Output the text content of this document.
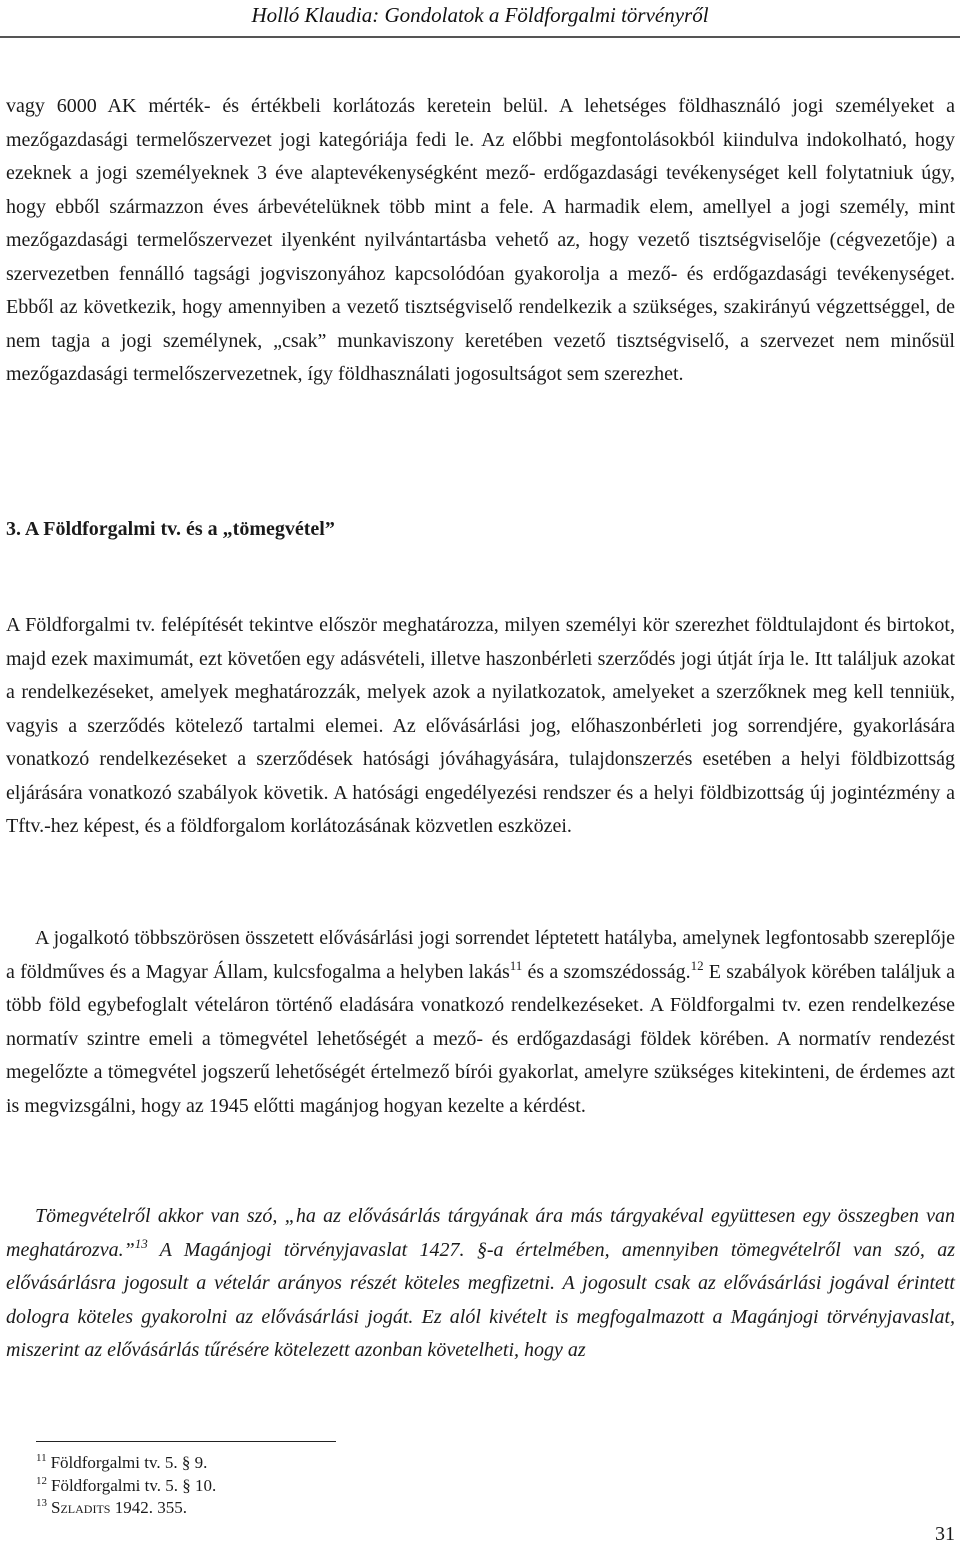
Holló Klaudia: Gondolatok a Földforgalmi törvényről

vagy 6000 AK mérték- és értékbeli korlátozás keretein belül. A lehetséges földhasználó jogi személyeket a mezőgazdasági termelőszervezet jogi kategóriája fedi le. Az előbbi megfontolásokból kiindulva indokolható, hogy ezeknek a jogi személyeknek 3 éve alaptevékenységként mező- erdőgazdasági tevékenységet kell folytatniuk úgy, hogy ebből származzon éves árbevételüknek több mint a fele. A harmadik elem, amellyel a jogi személy, mint mezőgazdasági termelőszervezet ilyenként nyilvántartásba vehető az, hogy vezető tisztségviselője (cégvezetője) a szervezetben fennálló tagsági jogviszonyához kapcsolódóan gyakorolja a mező- és erdőgazdasági tevékenységet. Ebből az következik, hogy amennyiben a vezető tisztségviselő rendelkezik a szükséges, szakirányú végzettséggel, de nem tagja a jogi személynek, „csak” munkaviszony keretében vezető tisztségviselő, a szervezet nem minősül mezőgazdasági termelőszervezetnek, így földhasználati jogosultságot sem szerezhet.

3. A Földforgalmi tv. és a „tömegvétel”

A Földforgalmi tv. felépítését tekintve először meghatározza, milyen személyi kör szerezhet földtulajdont és birtokot, majd ezek maximumát, ezt követően egy adásvételi, illetve haszonbérleti szerződés jogi útját írja le. Itt találjuk azokat a rendelkezéseket, amelyek meghatározzák, melyek azok a nyilatkozatok, amelyeket a szerzőknek meg kell tenniük, vagyis a szerződés kötelező tartalmi elemei. Az elővásárlási jog, előhaszonbérleti jog sorrendjére, gyakorlására vonatkozó rendelkezéseket a szerződések hatósági jóváhagyására, tulajdonszerzés esetében a helyi földbizottság eljárására vonatkozó szabályok követik. A hatósági engedélyezési rendszer és a helyi földbizottság új jogintézmény a Tftv.-hez képest, és a földforgalom korlátozásának közvetlen eszközei.

A jogalkotó többszörösen összetett elővásárlási jogi sorrendet léptetett hatályba, amelynek legfontosabb szereplője a földműves és a Magyar Állam, kulcsfogalma a helyben lakás$^{11}$ és a szomszédosság.$^{12}$ E szabályok körében találjuk a több föld egybefoglalt vételáron történő eladására vonatkozó rendelkezéseket. A Földforgalmi tv. ezen rendelkezése normatív szintre emeli a tömegvétel lehetőségét a mező- és erdőgazdasági földek körében. A normatív rendezést megelőzte a tömegvétel jogszerű lehetőségét értelmező bírói gyakorlat, amelyre szükséges kitekinteni, de érdemes azt is megvizsgálni, hogy az 1945 előtti magánjog hogyan kezelte a kérdést.

Tömegvételről akkor van szó, „ha az elővásárlás tárgyának ára más tárgyakéval együttesen egy összegben van meghatározva.”$^{13}$ A Magánjogi törvényjavaslat 1427. §-a értelmében, amennyiben tömegvételről van szó, az elővásárlásra jogosult a vételár arányos részét köteles megfizetni. A jogosult csak az elővásárlási jogával érintett dologra köteles gyakorolni az elővásárlási jogát. Ez alól kivételt is megfogalmazott a Magánjogi törvényjavaslat, miszerint az elővásárlás tűrésére kötelezett azonban követelheti, hogy az

$^{11}$ Földforgalmi tv. 5. § 9.
$^{12}$ Földforgalmi tv. 5. § 10.
$^{13}$ Szladits 1942. 355.
31
